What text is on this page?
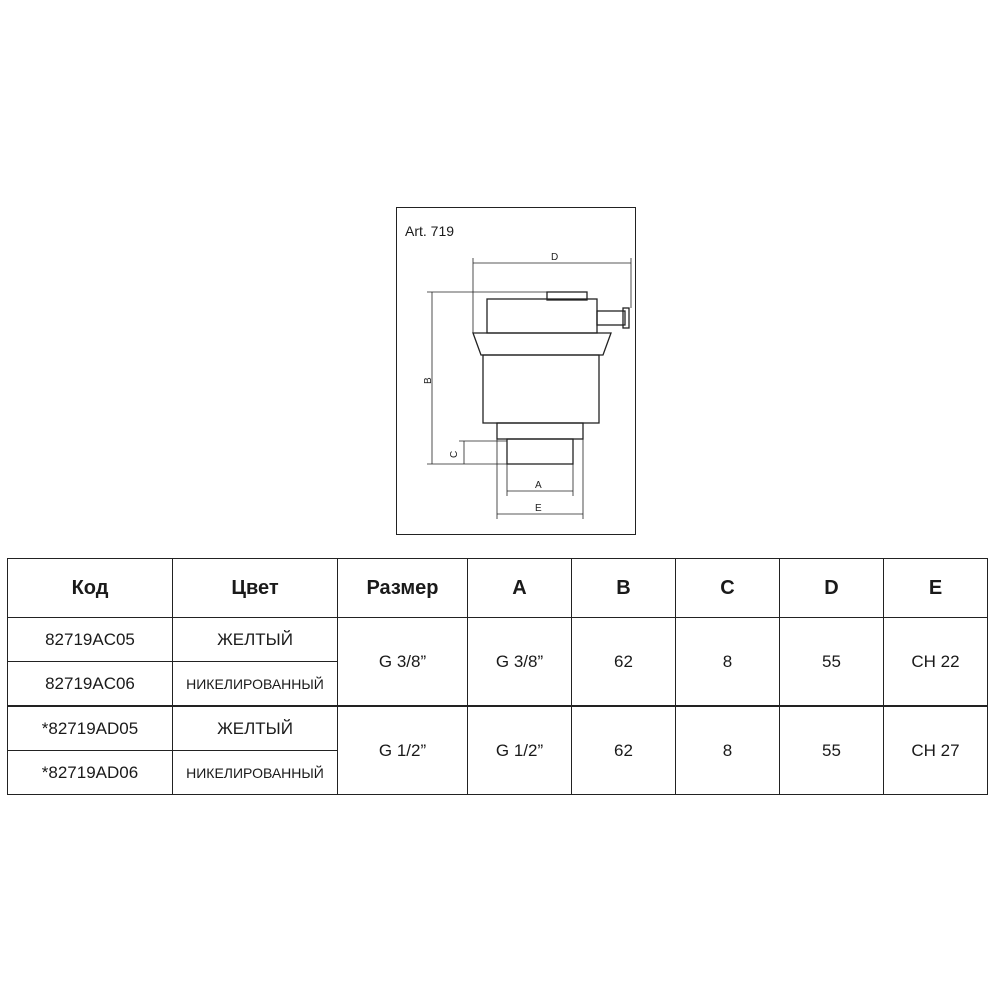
Art. 719
D
B
C
A
E
Код	Цвет	Размер	A	B	C	D	E
82719AC05	ЖЕЛТЫЙ	G 3/8”	G 3/8”	62	8	55	CH 22
82719AC06	НИКЕЛИРОВАННЫЙ						
*82719AD05	ЖЕЛТЫЙ	G 1/2”	G 1/2”	62	8	55	CH 27
*82719AD06	НИКЕЛИРОВАННЫЙ						
